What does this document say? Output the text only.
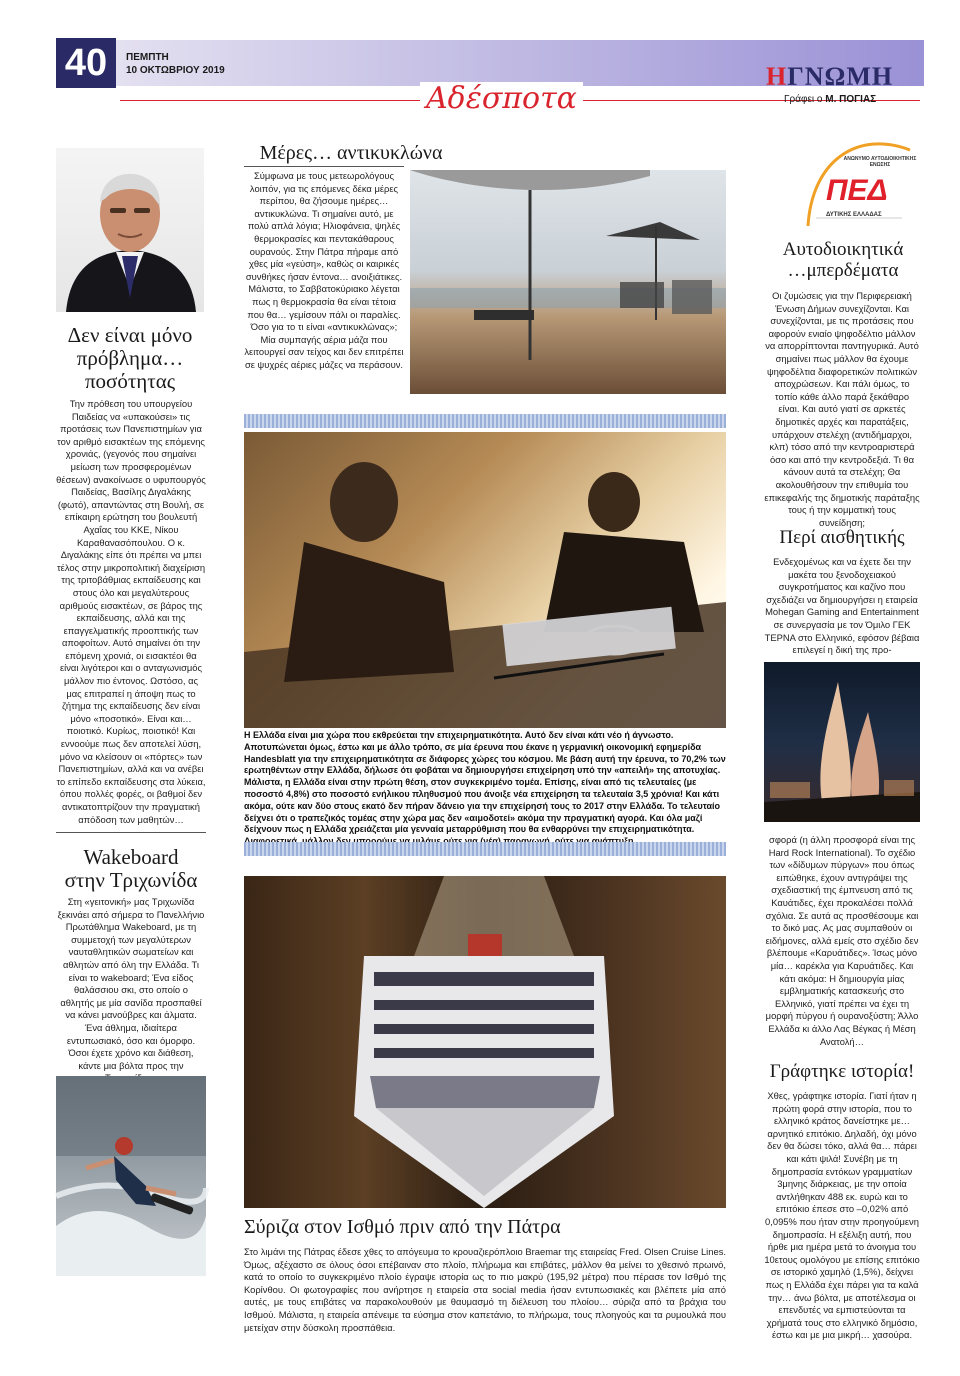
40	ΠΕΜΠΤΗ
10 ΟΚΤΩΒΡΙΟΥ 2019
Αδέσποτα
ΗΓΝΩΜΗ
Γράφει ο Μ. ΠΟΓΙΑΣ
Δεν είναι μόνο
πρόβλημα…
ποσότητας
Την πρόθεση του υπουργείου Παιδείας να «υπακούσει» τις προτάσεις των Πανεπιστημίων για τον αριθμό εισακτέων της επόμενης χρονιάς, (γεγονός που σημαίνει μείωση των προσφερομένων θέσεων) ανακοίνωσε ο υφυπουργός Παιδείας, Βασίλης Διγαλάκης (φωτό), απαντώντας στη Βουλή, σε επίκαιρη ερώτηση του βουλευτή Αχαΐας του ΚΚΕ, Νίκου Καραθανασόπουλου. Ο κ. Διγαλάκης είπε ότι πρέπει να μπει τέλος στην μικροπολιτική διαχείριση της τριτοβάθμιας εκπαίδευσης και στους όλο και μεγαλύτερους αριθμούς εισακτέων, σε βάρος της εκπαίδευσης, αλλά και της επαγγελματικής προοπτικής των αποφοίτων. Αυτό σημαίνει ότι την επόμενη χρονιά, οι εισακτέοι θα είναι λιγότεροι και ο ανταγωνισμός μάλλον πιο έντονος. Ωστόσο, ας μας επιτραπεί η άποψη πως το ζήτημα της εκπαίδευσης δεν είναι μόνο «ποσοτικό». Είναι και… ποιοτικό. Κυρίως, ποιοτικό! Και εννοούμε πως δεν αποτελεί λύση, μόνο να κλείσουν οι «πόρτες» των Πανεπιστημίων, αλλά και να ανέβει το επίπεδο εκπαίδευσης στα λύκεια, όπου πολλές φορές, οι βαθμοί δεν αντικατοπτρίζουν την πραγματική απόδοση των μαθητών…
Wakeboard
στην Τριχωνίδα
Στη «γειτονική» μας Τριχωνίδα ξεκινάει από σήμερα το Πανελλήνιο Πρωτάθλημα Wakeboard, με τη συμμετοχή των μεγαλύτερων ναυταθλητικών σωματείων και αθλητών από όλη την Ελλάδα. Τι είναι το wakeboard; Ένα είδος θαλάσσιου σκι, στο οποίο ο αθλητής με μία σανίδα προσπαθεί να κάνει μανούβρες και άλματα. Ένα άθλημα, ιδιαίτερα εντυπωσιακό, όσο και όμορφο. Όσοι έχετε χρόνο και διάθεση, κάντε μια βόλτα προς την
Μέρες… αντικυκλώνα
Σύμφωνα με τους μετεωρολόγους λοιπόν, για τις επόμενες δέκα μέρες περίπου, θα ζήσουμε ημέρες… αντικυκλώνα. Τι σημαίνει αυτό, με πολύ απλά λόγια; Ηλιοφάνεια, ψηλές θερμοκρασίες και πεντακάθαρους ουρανούς. Στην Πάτρα πήραμε από χθες μία «γεύση», καθώς οι καιρικές συνθήκες ήσαν έντονα… ανοιξιάτικες. Μάλιστα, το Σαββατοκύριακο λέγεται πως η θερμοκρασία θα είναι τέτοια που θα… γεμίσουν πάλι οι παραλίες. Όσο για το τι είναι «αντικυκλώνας»; Μία συμπαγής αέρια μάζα που λειτουργεί σαν τείχος και δεν επιτρέπει σε ψυχρές αέριες μάζες να περάσουν.
Η Ελλάδα είναι μια χώρα που εκθρεύεται την επιχειρηματικότητα. Αυτό δεν είναι κάτι νέο ή άγνωστο. Αποτυπώνεται όμως, έστω και με άλλο τρόπο, σε μία έρευνα που έκανε η γερμανική οικονομική εφημερίδα Handesblatt για την επιχειρηματικότητα σε διάφορες χώρες του κόσμου. Με βάση αυτή την έρευνα, το 70,2% των ερωτηθέντων στην Ελλάδα, δήλωσε ότι φοβάται να δημιουργήσει επιχείρηση υπό την «απειλή» της αποτυχίας. Μάλιστα, η Ελλάδα είναι στην πρώτη θέση, στον συγκεκριμένο τομέα. Επίσης, είναι από τις τελευταίες (με ποσοστό 4,8%) στο ποσοστό ενήλικου πληθυσμού που άνοιξε νέα επιχείρηση τα τελευταία 3,5 χρόνια! Και κάτι ακόμα, ούτε καν δύο στους εκατό δεν πήραν δάνειο για την επιχείρησή τους το 2017 στην Ελλάδα. Το τελευταίο δείχνει ότι ο τραπεζικός τομέας στην χώρα μας δεν «αιμοδοτεί» ακόμα την πραγματική αγορά. Και όλα μαζί δείχνουν πως η Ελλάδα χρειάζεται μία γενναία μεταρρύθμιση που θα ενθαρρύνει την επιχειρηματικότητα.
Σύριζα στον Ισθμό πριν από την Πάτρα
Στο λιμάνι της Πάτρας έδεσε χθες το απόγευμα το κρουαζιερόπλοιο Braemar της εταιρείας Fred. Olsen Cruise Lines. Όμως, αξέχαστο σε όλους όσοι επέβαιναν στο πλοίο, πλήρωμα και επιβάτες, μάλλον θα μείνει το χθεσινό πρωινό, κατά το οποίο το συγκεκριμένο πλοίο έγραψε ιστορία ως το πιο μακρύ (195,92 μέτρα) που πέρασε τον Ισθμό της Κορίνθου. Οι φωτογραφίες που ανήρτησε η εταιρεία στα social media ήσαν εντυπωσιακές και βλέπετε μία από αυτές, με τους επιβάτες να παρακολουθούν με θαυμασμό τη διέλευση του πλοίου… σύριζα από τα βράχια του Ισθμού. Μάλιστα, η εταιρεία απένειμε τα εύσημα στον καπετάνιο, το πλήρωμα, τους πλοηγούς και τα ρυμουλκά που μετείχαν στην δύσκολη προσπάθεια.
ΑΝΩΝΥΜΟ ΑΥΤΟΔΙΟΙΚΗΤΙΚΗΣ ΕΝΩΣΗΣ
ΠΕΔ
ΔΥΤΙΚΗΣ ΕΛΛΑΔΑΣ
Αυτοδιοικητικά
…μπερδέματα
Οι ζυμώσεις για την Περιφερειακή Ένωση Δήμων συνεχίζονται. Και συνεχίζονται, με τις προτάσεις που αφορούν ενιαίο ψηφοδέλτιο μάλλον να απορρίπτονται παντηγυρικά. Αυτό σημαίνει πως μάλλον θα έχουμε ψηφοδέλτια διαφορετικών πολιτικών αποχρώσεων. Και πάλι όμως, το τοπίο κάθε άλλο παρά ξεκάθαρο είναι. Και αυτό γιατί σε αρκετές δημοτικές αρχές και παρατάξεις, υπάρχουν στελέχη (αντιδήμαρχοι, κλπ) τόσο από την κεντροαριστερά όσο και από την κεντροδεξιά. Τι θα κάνουν αυτά τα στελέχη; Θα ακολουθήσουν την επιθυμία του επικεφαλής της δημοτικής παράταξης τους ή την κομματική τους συνείδηση;
Περί αισθητικής
Ενδεχομένως και να έχετε δει την μακέτα του ξενοδοχειακού συγκροτήματος και καζίνο που σχεδιάζει να δημιουργήσει η εταιρεία Mohegan Gaming and Entertainment σε συνεργασία με τον Όμιλο ΓΕΚ ΤΕΡΝΑ στο Ελληνικό, εφόσον βέβαια επιλεγεί η δική της προ-
σφορά (η άλλη προσφορά είναι της Hard Rock International). Το σχέδιο των «δίδυμων πύργων» που όπως ειπώθηκε, έχουν αντιγράψει της σχεδιαστική της έμπνευση από τις Καυάτιδες, έχει προκαλέσει πολλά σχόλια. Σε αυτά ας προσθέσουμε και το δικό μας. Ας μας συμπαθούν οι ειδήμονες, αλλά εμείς στο σχέδιο δεν βλέπουμε «Καρυάτιδες». Ίσως μόνο μία… καρέκλα για Καρυάτιδες. Και κάτι ακόμα: Η δημιουργία μίας εμβληματικής κατασκευής στο Ελληνικό, γιατί πρέπει να έχει τη μορφή πύργου ή ουρανοξύστη; Άλλο Ελλάδα κι άλλο Λας Βέγκας ή Μέση Ανατολή…
Γράφτηκε ιστορία!
Χθες, γράφτηκε ιστορία. Γιατί ήταν η πρώτη φορά στην ιστορία, που το ελληνικό κράτος δανείστηκε με… αρνητικό επιτόκιο. Δηλαδή, όχι μόνο δεν θα δώσει τόκο, αλλά θα… πάρει και κάτι ψιλά! Συνέβη με τη δημοπρασία εντόκων γραμματίων 3μηνης διάρκειας, με την οποία αντλήθηκαν 488 εκ. ευρώ και το επιτόκιο έπεσε στο –0,02% από 0,095% που ήταν στην προηγούμενη δημοπρασία. Η εξέλιξη αυτή, που ήρθε μια ημέρα μετά το άνοιγμα του 10ετους ομολόγου με επίσης επιτόκιο σε ιστορικό χαμηλό (1,5%), δείχνει πως η Ελλάδα έχει πάρει για τα καλά την… άνω βόλτα, με αποτέλεσμα οι επενδυτές να εμπιστεύονται τα χρήματά τους στο ελληνικό δημόσιο, έστω και με μια μικρή… χασούρα.
